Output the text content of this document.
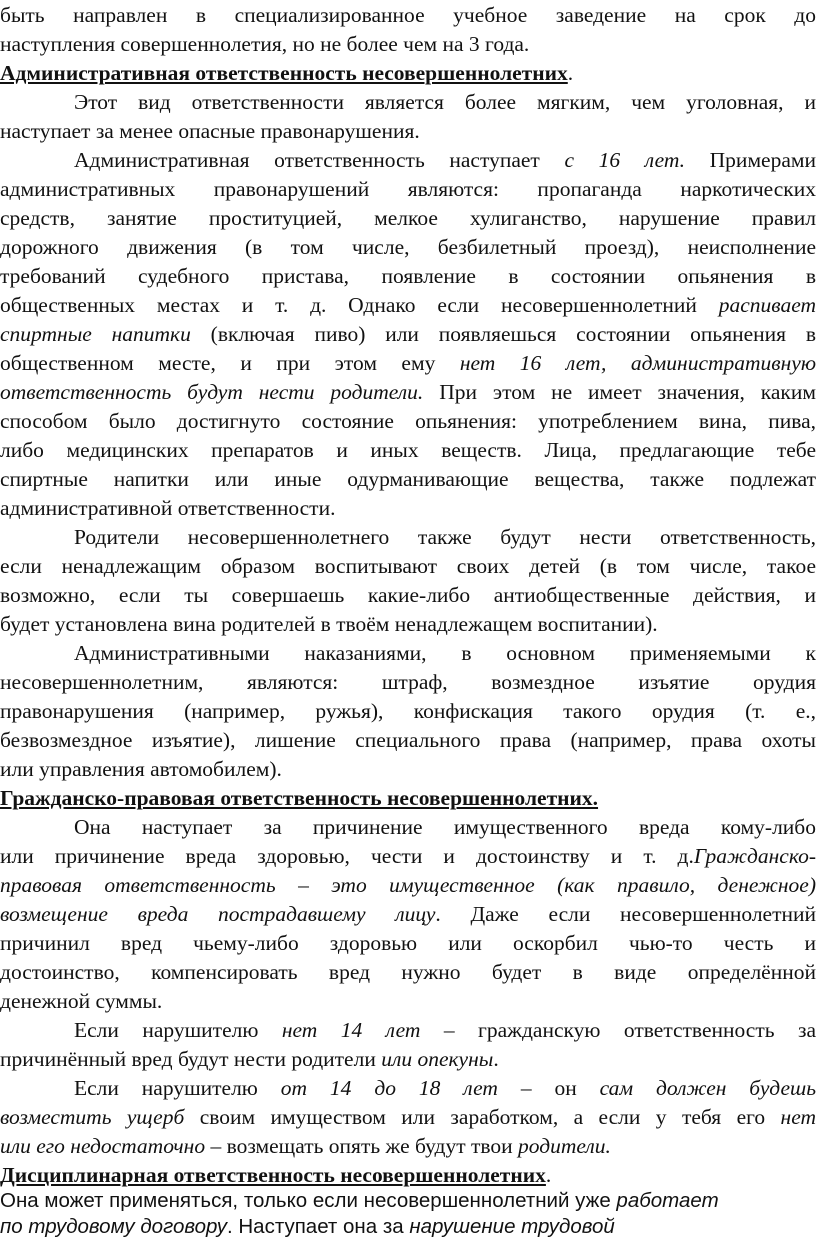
быть направлен в специализированное учебное заведение на срок до
наступления совершеннолетия, но не более чем на 3 года.
Административная ответственность несовершеннолетних.
Этот вид ответственности является более мягким, чем уголовная, и
наступает за менее опасные правонарушения.
Административная ответственность наступает с 16 лет. Примерами
административных правонарушений являются: пропаганда наркотических
средств, занятие проституцией, мелкое хулиганство, нарушение правил
дорожного движения (в том числе, безбилетный проезд), неисполнение
требований судебного пристава, появление в состоянии опьянения в
общественных местах и т. д. Однако если несовершеннолетний распивает
спиртные напитки (включая пиво) или появляешься состоянии опьянения в
общественном месте, и при этом ему нет 16 лет, административную
ответственность будут нести родители. При этом не имеет значения, каким
способом было достигнуто состояние опьянения: употреблением вина, пива,
либо медицинских препаратов и иных веществ. Лица, предлагающие тебе
спиртные напитки или иные одурманивающие вещества, также подлежат
административной ответственности.
Родители несовершеннолетнего также будут нести ответственность,
если ненадлежащим образом воспитывают своих детей (в том числе, такое
возможно, если ты совершаешь какие-либо антиобщественные действия, и
будет установлена вина родителей в твоём ненадлежащем воспитании).
Административными наказаниями, в основном применяемыми к
несовершеннолетним, являются: штраф, возмездное изъятие орудия
правонарушения (например, ружья), конфискация такого орудия (т. е.,
безвозмездное изъятие), лишение специального права (например, права охоты
или управления автомобилем).
Гражданско-правовая ответственность несовершеннолетних.
Она наступает за причинение имущественного вреда кому-либо
или причинение вреда здоровью, чести и достоинству и т. д.Гражданско-
правовая ответственность – это имущественное (как правило, денежное)
возмещение вреда пострадавшему лицу. Даже если несовершеннолетний
причинил вред чьему-либо здоровью или оскорбил чью-то честь и
достоинство, компенсировать вред нужно будет в виде определённой
денежной суммы.
Если нарушителю нет 14 лет – гражданскую ответственность за
причинённый вред будут нести родители или опекуны.
Если нарушителю от 14 до 18 лет – он сам должен будешь
возместить ущерб своим имуществом или заработком, а если у тебя его нет
или его недостаточно – возмещать опять же будут твои родители.
Дисциплинарная ответственность несовершеннолетних.
Она может применяться, только если несовершеннолетний уже работает
по трудовому договору. Наступает она за нарушение трудовой
